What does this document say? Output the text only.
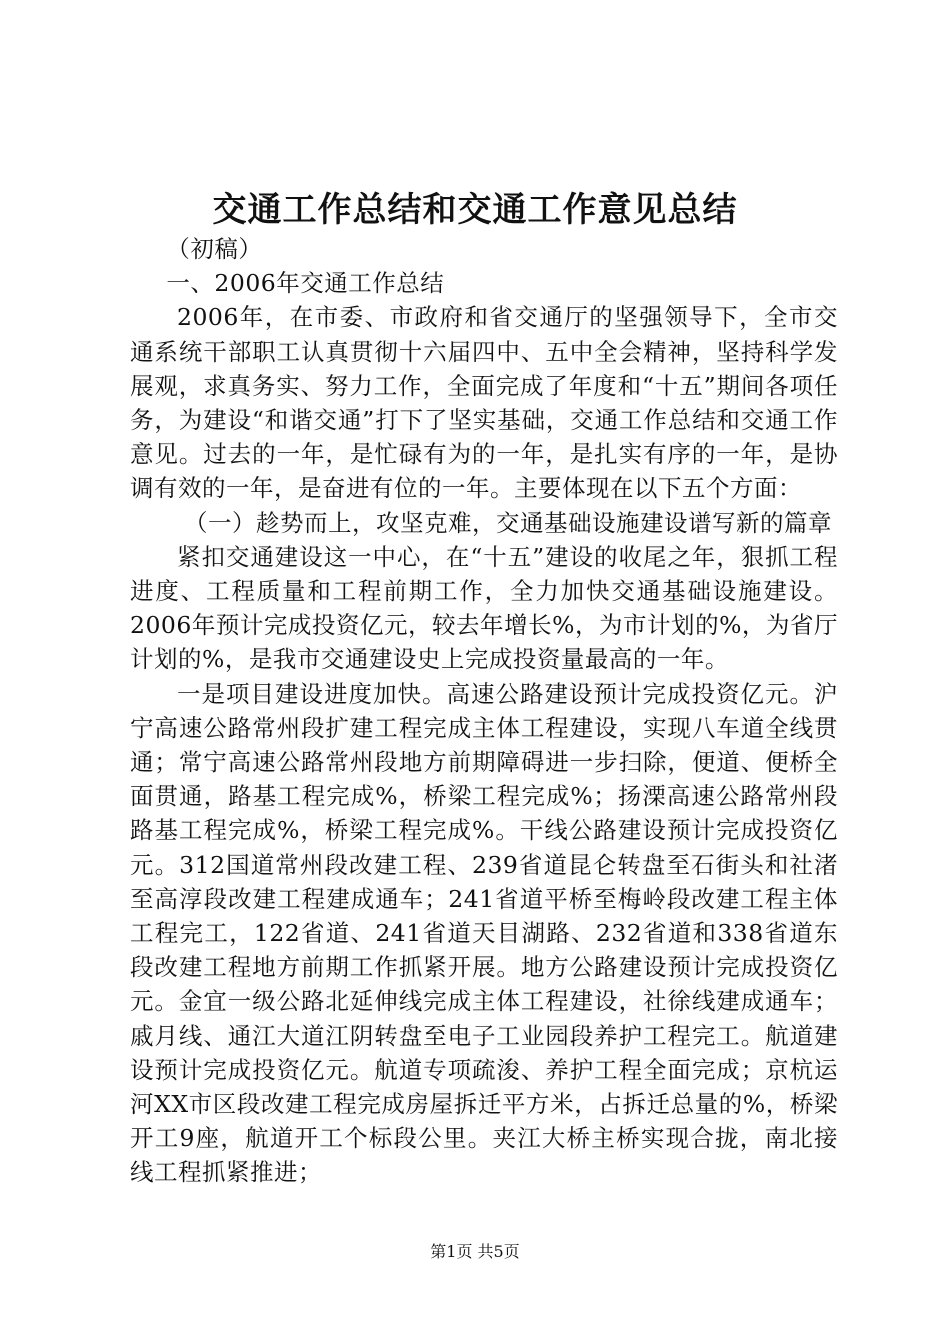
交通工作总结和交通工作意见总结

（初稿）

一、2006年交通工作总结

2006年，在市委、市政府和省交通厅的坚强领导下，全市交通系统干部职工认真贯彻十六届四中、五中全会精神，坚持科学发展观，求真务实、努力工作，全面完成了年度和“十五”期间各项任务，为建设“和谐交通”打下了坚实基础，交通工作总结和交通工作意见。过去的一年，是忙碌有为的一年，是扎实有序的一年，是协调有效的一年，是奋进有位的一年。主要体现在以下五个方面：

（一）趁势而上，攻坚克难，交通基础设施建设谱写新的篇章

紧扣交通建设这一中心，在“十五”建设的收尾之年，狠抓工程进度、工程质量和工程前期工作，全力加快交通基础设施建设。2006年预计完成投资亿元，较去年增长%，为市计划的%，为省厅计划的%，是我市交通建设史上完成投资量最高的一年。

一是项目建设进度加快。高速公路建设预计完成投资亿元。沪宁高速公路常州段扩建工程完成主体工程建设，实现八车道全线贯通；常宁高速公路常州段地方前期障碍进一步扫除，便道、便桥全面贯通，路基工程完成%，桥梁工程完成%；扬溧高速公路常州段路基工程完成%，桥梁工程完成%。干线公路建设预计完成投资亿元。312国道常州段改建工程、239省道昆仑转盘至石街头和社渚至高淳段改建工程建成通车；241省道平桥至梅岭段改建工程主体工程完工，122省道、241省道天目湖路、232省道和338省道东段改建工程地方前期工作抓紧开展。地方公路建设预计完成投资亿元。金宜一级公路北延伸线完成主体工程建设，社徐线建成通车；戚月线、通江大道江阴转盘至电子工业园段养护工程完工。航道建设预计完成投资亿元。航道专项疏浚、养护工程全面完成；京杭运河XX市区段改建工程完成房屋拆迁平方米，占拆迁总量的%，桥梁开工9座，航道开工个标段公里。夹江大桥主桥实现合拢，南北接线工程抓紧推进；

第1页 共5页
